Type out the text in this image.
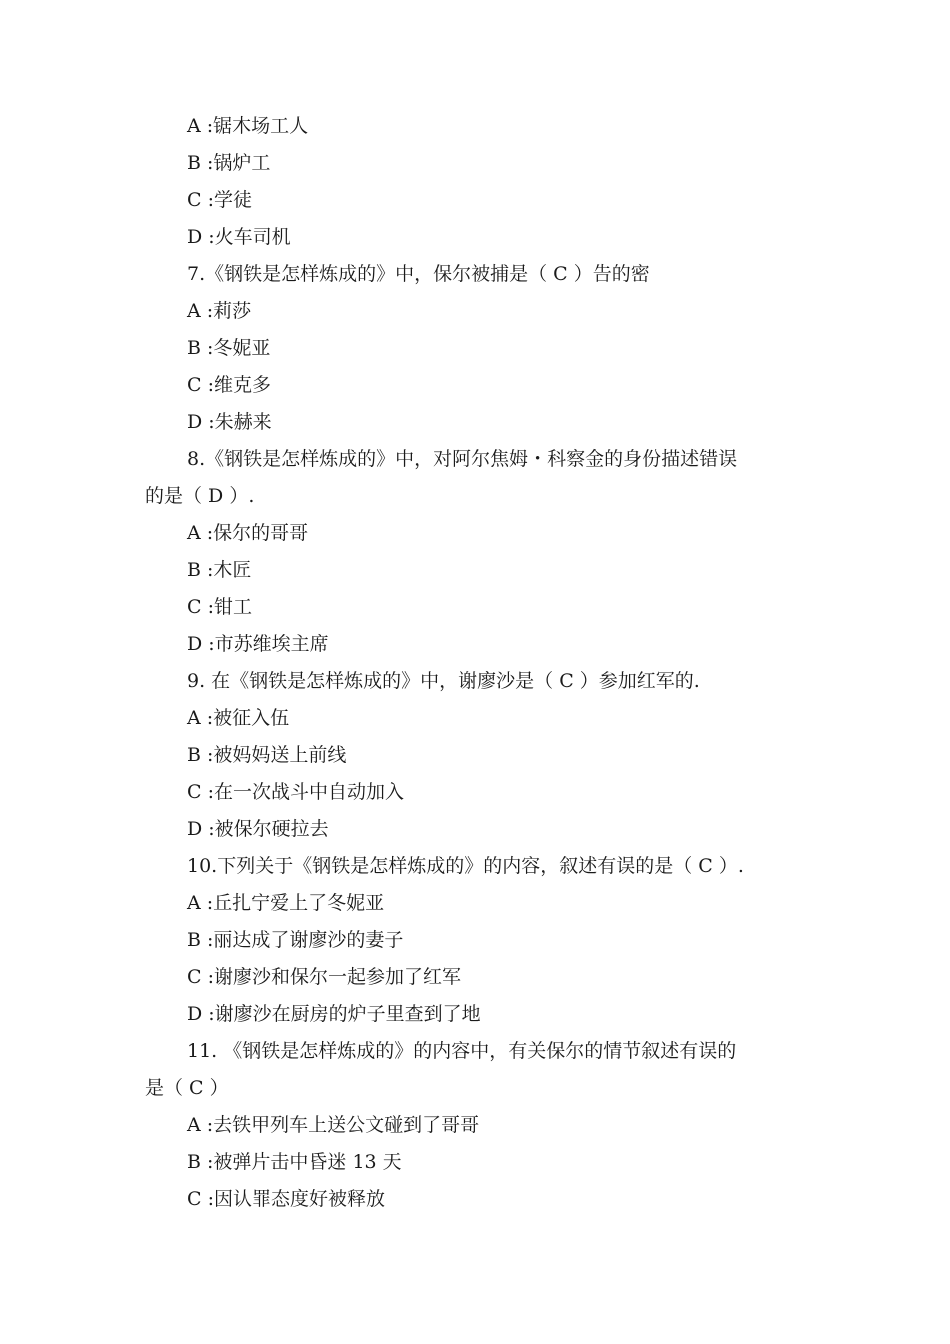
A :锯木场工人
B :锅炉工
C :学徒
D :火车司机
7.《钢铁是怎样炼成的》中，保尔被捕是（ C ）告的密
A :莉莎
B :冬妮亚
C :维克多
D :朱赫来
8.《钢铁是怎样炼成的》中，对阿尔焦姆・科察金的身份描述错误
的是（ D ）.
A :保尔的哥哥
B :木匠
C :钳工
D :市苏维埃主席
9. 在《钢铁是怎样炼成的》中，谢廖沙是（ C ）参加红军的.
A :被征入伍
B :被妈妈送上前线
C :在一次战斗中自动加入
D :被保尔硬拉去
10.下列关于《钢铁是怎样炼成的》的内容，叙述有误的是（ C ）.
A :丘扎宁爱上了冬妮亚
B :丽达成了谢廖沙的妻子
C :谢廖沙和保尔一起参加了红军
D :谢廖沙在厨房的炉子里查到了地
11. 《钢铁是怎样炼成的》的内容中，有关保尔的情节叙述有误的
是（ C ）
A :去铁甲列车上送公文碰到了哥哥
B :被弹片击中昏迷 13 天
C :因认罪态度好被释放
